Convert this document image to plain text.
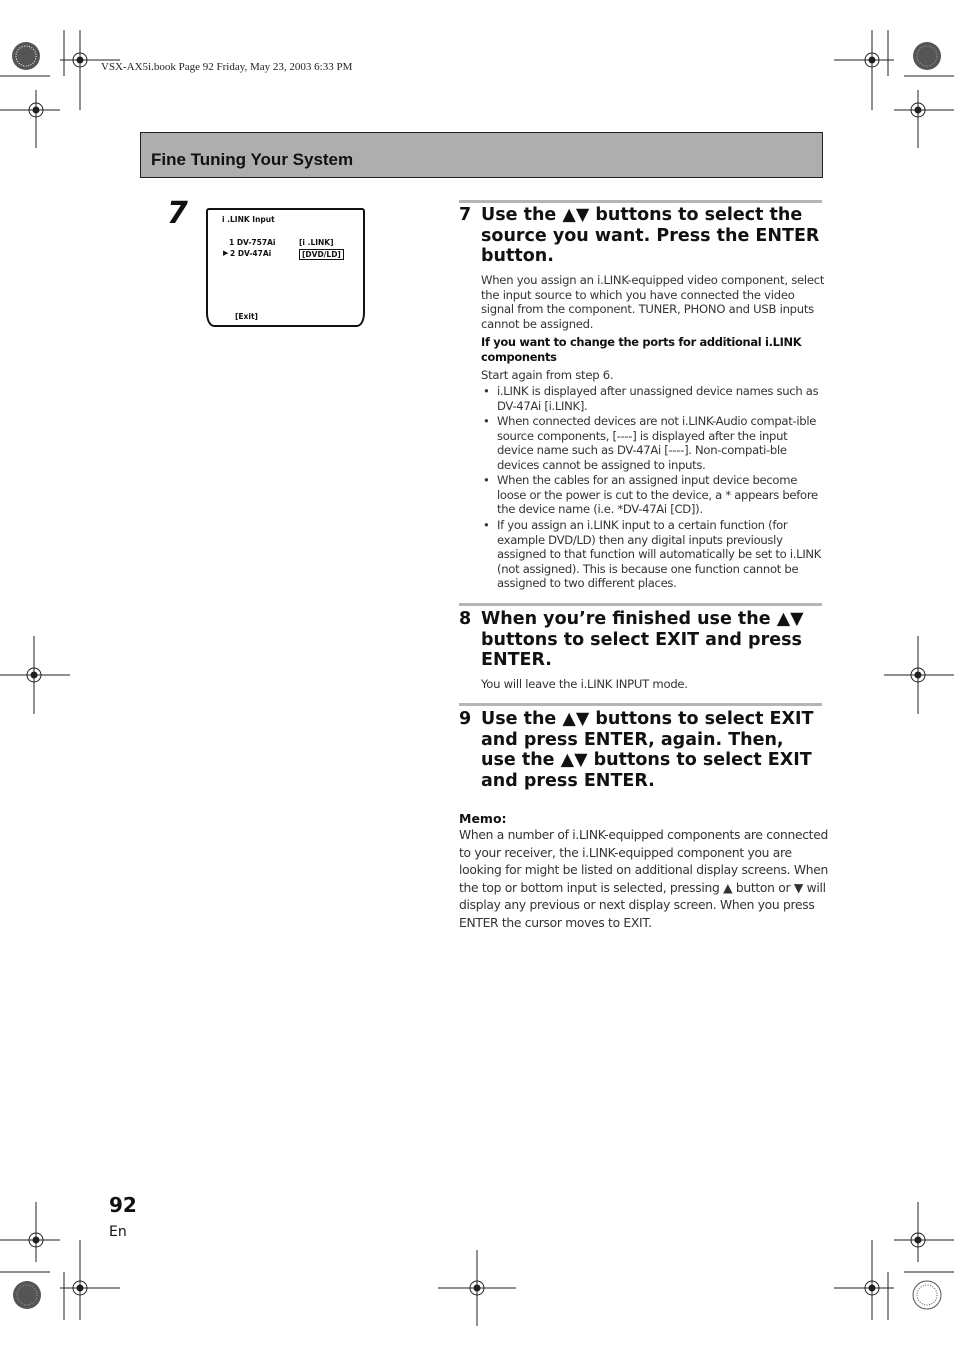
VSX-AX5i.book Page 92 Friday, May 23, 2003 6:33 PM
Fine Tuning Your System
7	i .LINK Input
1 DV-757Ai	[i .LINK]
▶ 2 DV-47Ai	[DVD/LD]
[Exit]
7 Use the ▲▼ buttons to select the source you want. Press the ENTER button.
When you assign an i.LINK-equipped video component, select the input source to which you have connected the video signal from the component. TUNER, PHONO and USB inputs cannot be assigned.
If you want to change the ports for additional i.LINK components
Start again from step 6.
• i.LINK is displayed after unassigned device names such as DV-47Ai [i.LINK].
• When connected devices are not i.LINK-Audio compat-ible source components, [----] is displayed after the input device name such as DV-47Ai [----]. Non-compati-ble devices cannot be assigned to inputs.
• When the cables for an assigned input device become loose or the power is cut to the device, a * appears before the device name (i.e. *DV-47Ai [CD]).
• If you assign an i.LINK input to a certain function (for example DVD/LD) then any digital inputs previously assigned to that function will automatically be set to i.LINK (not assigned). This is because one function cannot be assigned to two different places.
8 When you’re finished use the ▲▼ buttons to select EXIT and press ENTER.
You will leave the i.LINK INPUT mode.
9 Use the ▲▼ buttons to select EXIT and press ENTER, again. Then, use the ▲▼ buttons to select EXIT and press ENTER.
Memo:
When a number of i.LINK-equipped components are connected to your receiver, the i.LINK-equipped component you are looking for might be listed on additional display screens. When the top or bottom input is selected, pressing ▲ button or ▼ will display any previous or next display screen. When you press ENTER the cursor moves to EXIT.
92
En
